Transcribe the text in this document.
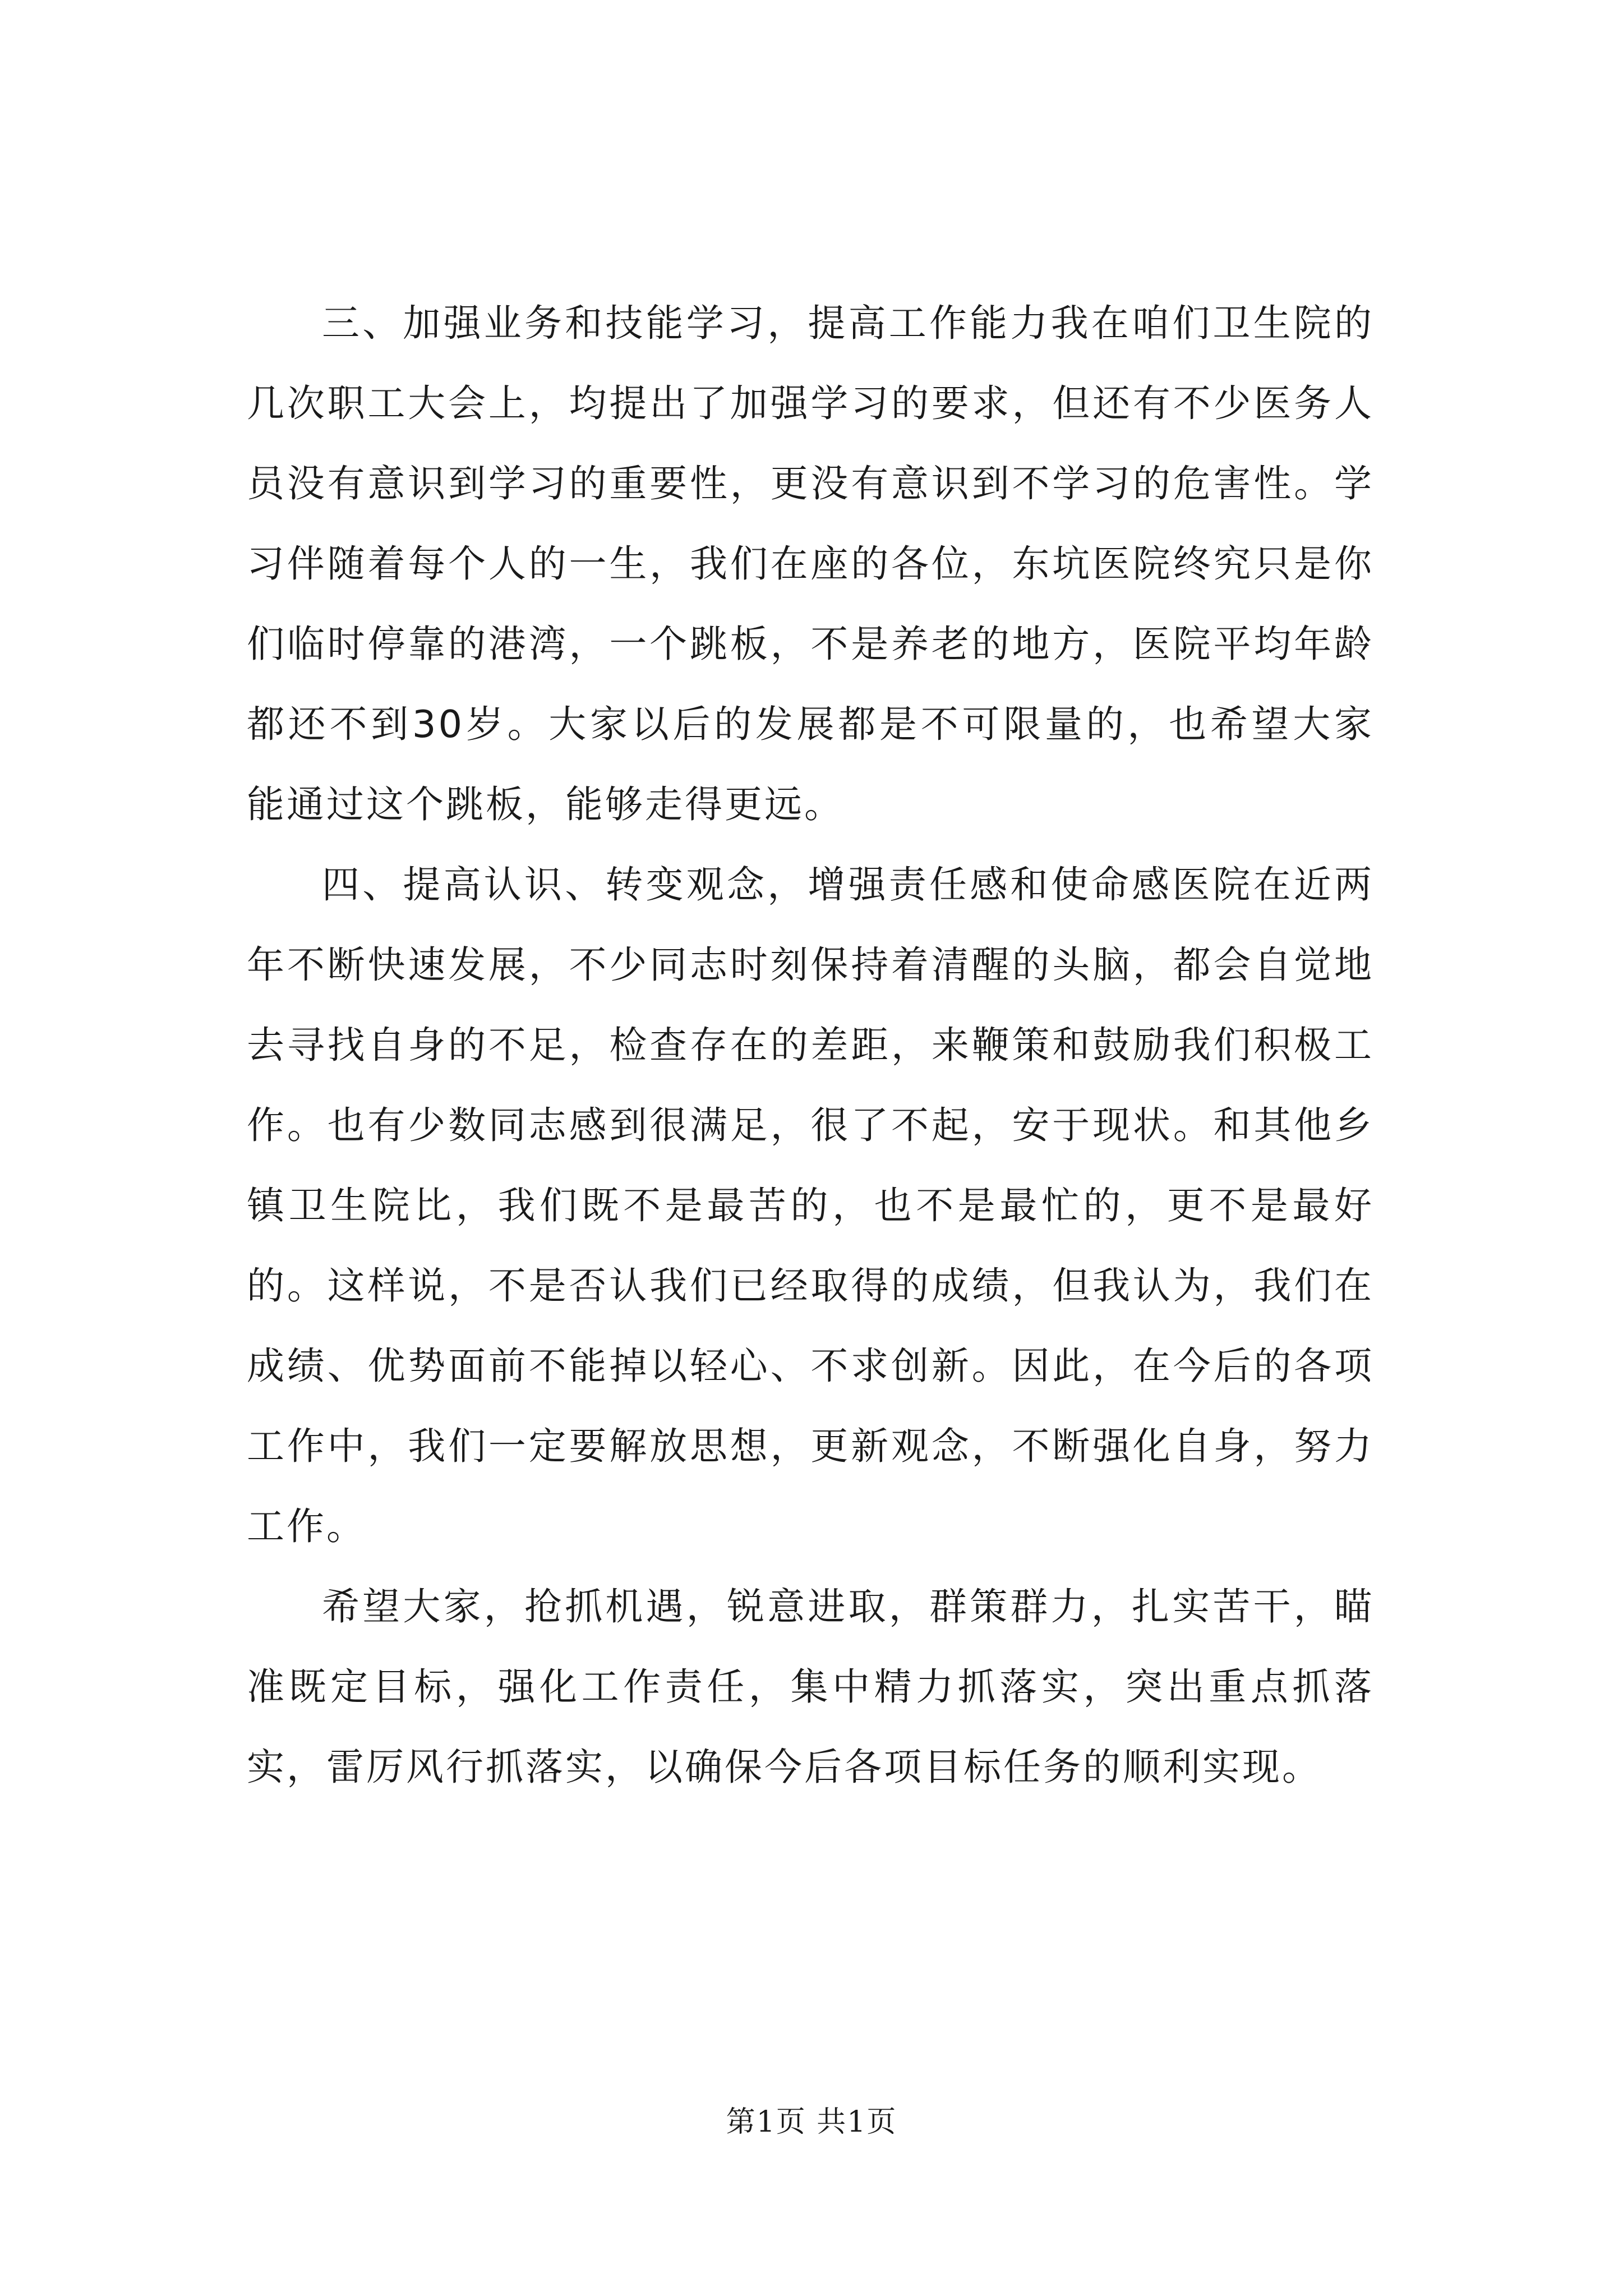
三、加强业务和技能学习，提高工作能力我在咱们卫生院的几次职工大会上，均提出了加强学习的要求，但还有不少医务人员没有意识到学习的重要性，更没有意识到不学习的危害性。学习伴随着每个人的一生，我们在座的各位，东坑医院终究只是你们临时停靠的港湾，一个跳板，不是养老的地方，医院平均年龄都还不到30岁。大家以后的发展都是不可限量的，也希望大家能通过这个跳板，能够走得更远。

四、提高认识、转变观念，增强责任感和使命感医院在近两年不断快速发展，不少同志时刻保持着清醒的头脑，都会自觉地去寻找自身的不足，检查存在的差距，来鞭策和鼓励我们积极工作。也有少数同志感到很满足，很了不起，安于现状。和其他乡镇卫生院比，我们既不是最苦的，也不是最忙的，更不是最好的。这样说，不是否认我们已经取得的成绩，但我认为，我们在成绩、优势面前不能掉以轻心、不求创新。因此，在今后的各项工作中，我们一定要解放思想，更新观念，不断强化自身，努力工作。

希望大家，抢抓机遇，锐意进取，群策群力，扎实苦干，瞄准既定目标，强化工作责任，集中精力抓落实，突出重点抓落实，雷厉风行抓落实，以确保今后各项目标任务的顺利实现。

第1页 共1页
